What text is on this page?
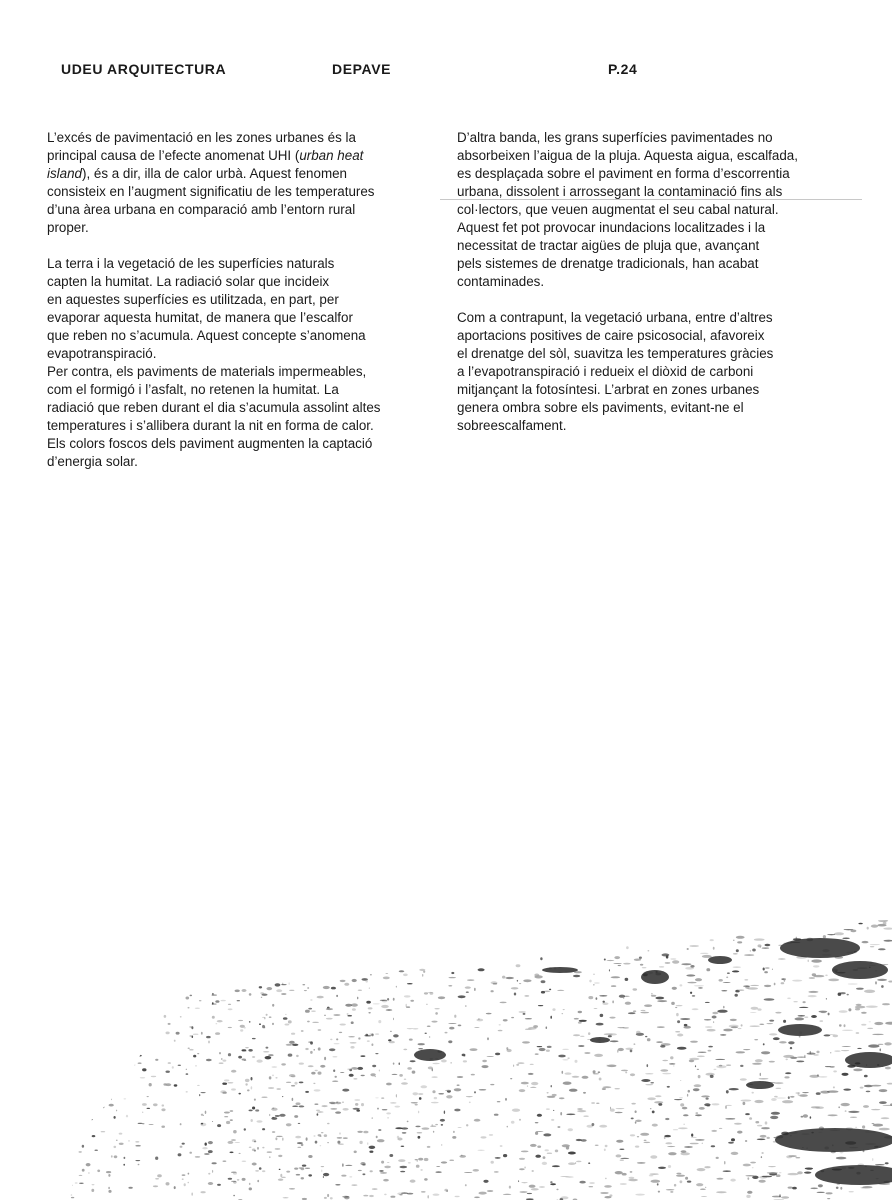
UDEU ARQUITECTURA	DEPAVE	P.24
L’excés de pavimentació en les zones urbanes és la
principal causa de l’efecte anomenat UHI (urban heat
island), és a dir, illa de calor urbà. Aquest fenomen
consisteix en l’augment significatiu de les temperatures
d’una àrea urbana en comparació amb l’entorn rural
proper.
La terra i la vegetació de les superfícies naturals
capten la humitat. La radiació solar que incideix
en aquestes superfícies es utilitzada, en part, per
evaporar aquesta humitat, de manera que l’escalfor
que reben no s’acumula. Aquest concepte s’anomena
evapotranspiració.
Per contra, els paviments de materials impermeables,
com el formigó i l’asfalt, no retenen la humitat. La
radiació que reben durant el dia s’acumula assolint altes
temperatures i s’allibera durant la nit en forma de calor.
Els colors foscos dels paviment augmenten la captació
d’energia solar.
D’altra banda, les grans superfícies pavimentades no
absorbeixen l’aigua de la pluja. Aquesta aigua, escalfada,
es desplaçada sobre el paviment en forma d’escorrentia
urbana, dissolent i arrossegant la contaminació fins als
col·lectors, que veuen augmentat el seu cabal natural.
Aquest fet pot provocar inundacions localitzades i la
necessitat de tractar aigües de pluja que, avançant
pels sistemes de drenatge tradicionals, han acabat
contaminades.
Com a contrapunt, la vegetació urbana, entre d’altres
aportacions positives de caire psicosocial, afavoreix
el drenatge del sòl, suavitza les temperatures gràcies
a l’evapotranspiració i redueix el diòxid de carboni
mitjançant la fotosíntesi. L’arbrat en zones urbanes
genera ombra sobre els paviments, evitant-ne el
sobreescalfament.
